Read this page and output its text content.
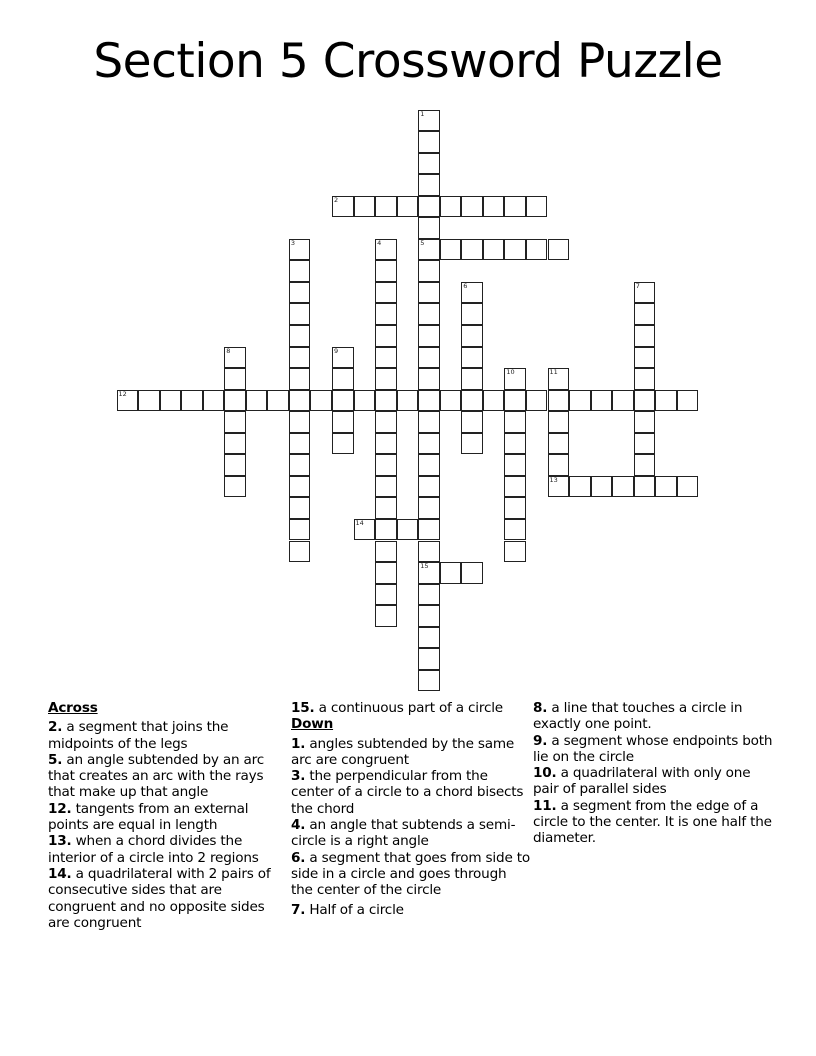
Section 5 Crossword Puzzle
1
5
15
2
3	4
6	7
8	9
10	11
13
12
14
Across

2. a segment that joins the midpoints of the legs

5. an angle subtended by an arc that creates an arc with the rays that make up that angle

12. tangents from an external points are equal in length

13. when a chord divides the interior of a circle into 2 regions

14. a quadrilateral with 2 pairs of consecutive sides that are congruent and no opposite sides are congruent

15. a continuous part of a circle

Down

1. angles subtended by the same arc are congruent

3. the perpendicular from the center of a circle to a chord bisects the chord

4. an angle that subtends a semi-circle is a right angle

6. a segment that goes from side to side in a circle and goes through the center of the circle

7. Half of a circle

8. a line that touches a circle in exactly one point.

9. a segment whose endpoints both lie on the circle

10. a quadrilateral with only one pair of parallel sides

11. a segment from the edge of a circle to the center. It is one half the diameter.
